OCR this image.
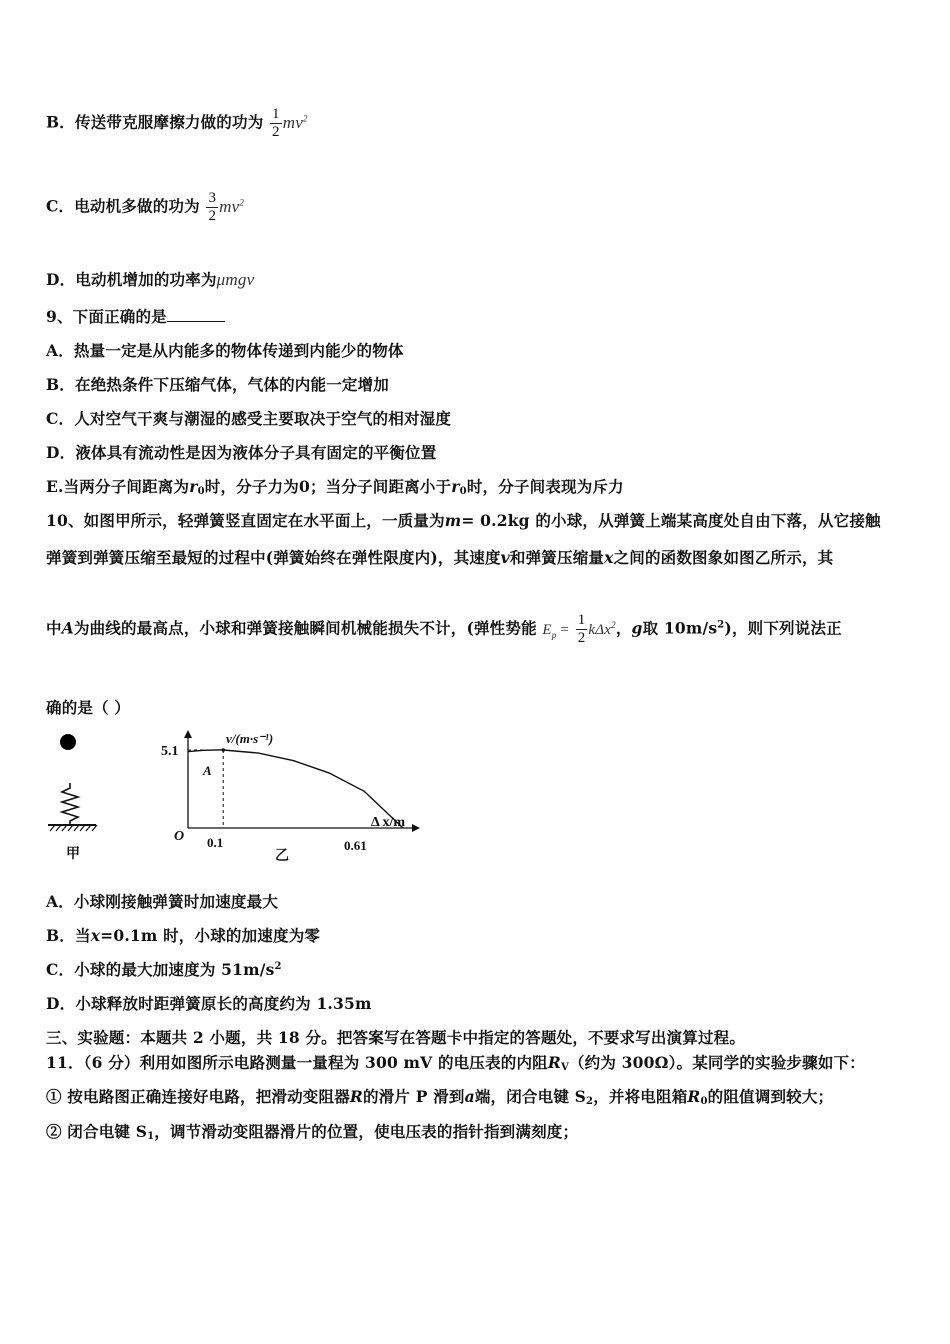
B．传送带克服摩擦力做的功为 $\frac{1}{2} mv^2$
C．电动机多做的功为 $\frac{3}{2} mv^2$
D．电动机增加的功率为μmgv
9、下面正确的是
A．热量一定是从内能多的物体传递到内能少的物体
B．在绝热条件下压缩气体，气体的内能一定增加
C．人对空气干爽与潮湿的感受主要取决于空气的相对湿度
D．液体具有流动性是因为液体分子具有固定的平衡位置
E.当两分子间距离为$r_0$时，分子力为0；当分子间距离小于$r_0$时，分子间表现为斥力
10、如图甲所示，轻弹簧竖直固定在水平面上，一质量为m= 0.2kg 的小球，从弹簧上端某高度处自由下落，从它接触
弹簧到弹簧压缩至最短的过程中(弹簧始终在弹性限度内)，其速度v和弹簧压缩量x之间的函数图象如图乙所示，其
中A为曲线的最高点，小球和弹簧接触瞬间机械能损失不计，(弹性势能 $E_p = \frac{1}{2} k\Delta x^2$，g取 $10m/s^2$)，则下列说法正
确的是（ ）
甲
v/(m·s⁻¹)
Δ x/m
O
5.1
A
0.1	0.61
乙
A．小球刚接触弹簧时加速度最大
B．当x=0.1m 时，小球的加速度为零
C．小球的最大加速度为 $51m/s^2$
D．小球释放时距弹簧原长的高度约为 1.35m
三、实验题：本题共 2 小题，共 18 分。把答案写在答题卡中指定的答题处，不要求写出演算过程。
11．（6 分）利用如图所示电路测量一量程为 300 mV 的电压表的内阻$R_V$（约为 300Ω）。某同学的实验步骤如下：
① 按电路图正确连接好电路，把滑动变阻器R的滑片 P 滑到a端，闭合电键 $S_2$，并将电阻箱$R_0$的阻值调到较大；
② 闭合电键 $S_1$，调节滑动变阻器滑片的位置，使电压表的指针指到满刻度；
